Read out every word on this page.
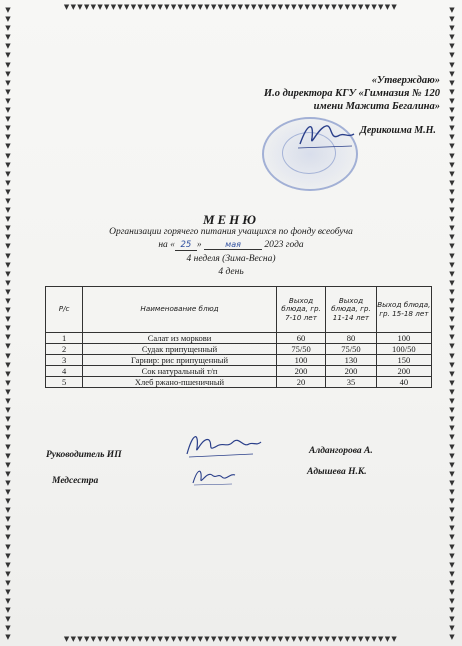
▼
▼
▼
▼
▼
▼
▼
▼
▼
▼
▼
▼
▼
▼
▼
▼
▼
▼
▼
▼
▼
▼
▼
▼
▼
▼
▼
▼
▼
▼
▼
▼
▼
▼
▼
▼
▼
▼
▼
▼
▼
▼
▼
▼
▼
▼
▼
▼
▼
▼
▼
▼
▼
▼
▼
▼
▼
▼
▼
▼
▼
▼
▼
▼
▼
▼
▼
▼
▼
▼
▼
▼
▼
▼
▼
▼
▼
▼
▼
▼
▼
▼
▼
▼
▼
▼
▼
▼
▼
▼
▼
▼
▼
▼
▼
▼
▼
▼
▼
▼
▼
▼
▼
▼
▼
▼
▼
▼
▼
▼
▼
▼
▼
▼
▼
▼
▼
▼
▼
▼
▼
▼
▼
▼
▼
▼
▼
▼
▼
▼
▼
▼
▼
▼
▼
▼
▼
▼
▼
▼
▼▼▼▼▼▼▼▼▼▼▼▼▼▼▼▼▼▼▼▼▼▼▼▼▼▼▼▼▼▼▼▼▼▼▼▼▼▼▼▼▼▼▼▼▼▼▼▼▼▼
▼▼▼▼▼▼▼▼▼▼▼▼▼▼▼▼▼▼▼▼▼▼▼▼▼▼▼▼▼▼▼▼▼▼▼▼▼▼▼▼▼▼▼▼▼▼▼▼▼▼
«Утверждаю»
И.о директора КГУ «Гимназия № 120
имени Мажита Бегалина»
Дерикошма М.Н.
МЕНЮ
Организации горячего питания учащихся по фонду всеобуча
на « 25 »	мая 2023 года
4 неделя (Зима-Весна)
4 день
Р/с	Наименование блюд	Выход блюда, гр. 7-10 лет	Выход блюда, гр. 11-14 лет	Выход блюда, гр. 15-18 лет
1	Салат из моркови	60	80	100
2	Судак припущенный	75/50	75/50	100/50
3	Гарнир: рис припущенный	100	130	150
4	Сок натуральный т/п	200	200	200
5	Хлеб ржано-пшеничный	20	35	40
Руководитель ИП	Алдангорова А.
Медсестра
Адышева Н.К.
